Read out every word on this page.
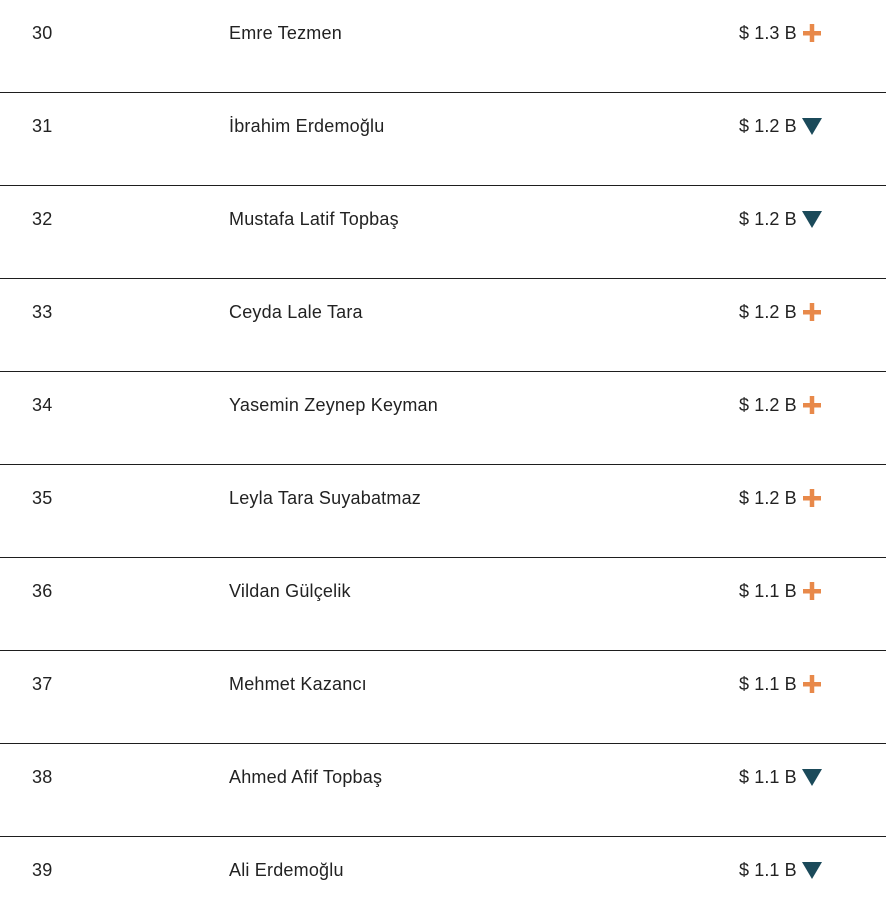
30	Emre Tezmen	$ 1.3 B
31	İbrahim Erdemoğlu	$ 1.2 B
32	Mustafa Latif Topbaş	$ 1.2 B
33	Ceyda Lale Tara	$ 1.2 B
34	Yasemin Zeynep Keyman	$ 1.2 B
35	Leyla Tara Suyabatmaz	$ 1.2 B
36	Vildan Gülçelik	$ 1.1 B
37	Mehmet Kazancı	$ 1.1 B
38	Ahmed Afif Topbaş	$ 1.1 B
39	Ali Erdemoğlu	$ 1.1 B
